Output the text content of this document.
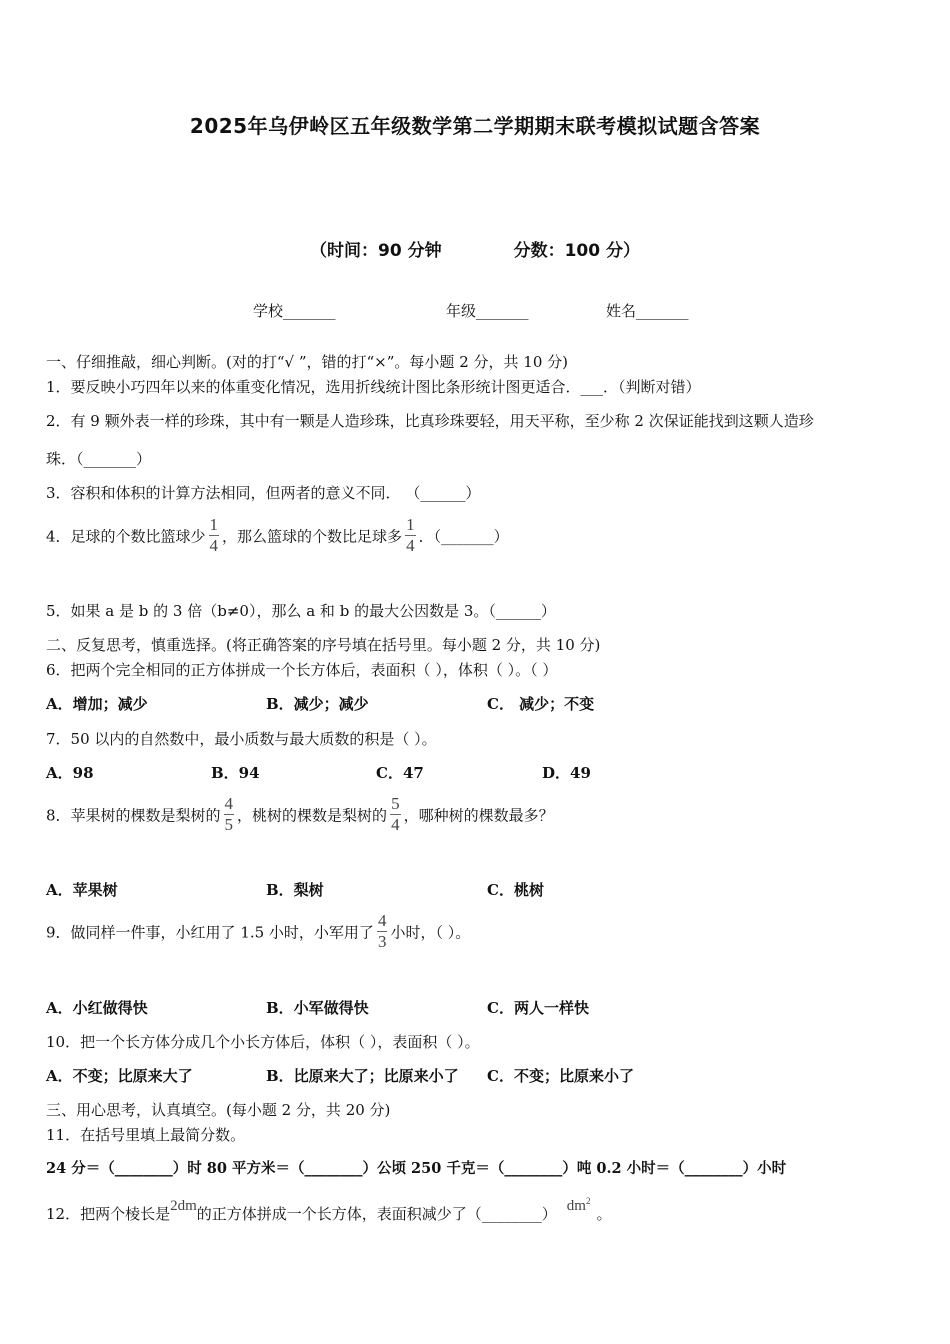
2025年乌伊岭区五年级数学第二学期期末联考模拟试题含答案
（时间：90 分钟	分数：100 分）
学校_______	年级_______	姓名_______
一、仔细推敲，细心判断。(对的打“√ ”，错的打“×”。每小题 2 分，共 10 分)
1．要反映小巧四年以来的体重变化情况，选用折线统计图比条形统计图更适合．___．（判断对错）
2．有 9 颗外表一样的珍珠，其中有一颗是人造珍珠，比真珍珠要轻，用天平称，至少称 2 次保证能找到这颗人造珍
珠．（_______）
3．容积和体积的计算方法相同，但两者的意义不同． （______）
4．足球的个数比篮球少 $\frac{1}{4}$ ，那么篮球的个数比足球多 $\frac{1}{4}$ ．（_______）
5．如果 a 是 b 的 3 倍（b≠0），那么 a 和 b 的最大公因数是 3。（______）
二、反复思考，慎重选择。(将正确答案的序号填在括号里。每小题 2 分，共 10 分)
6．把两个完全相同的正方体拼成一个长方体后，表面积（ ），体积（ ）。（ ）
A．增加；减少	B．减少；减少	C． 减少；不变
7．50 以内的自然数中，最小质数与最大质数的积是（ ）。
A．98	B．94	C．47	D．49
8．苹果树的棵数是梨树的 $\frac{4}{5}$ ，桃树的棵数是梨树的 $\frac{5}{4}$ ，哪种树的棵数最多？
A．苹果树	B．梨树	C．桃树
9．做同样一件事，小红用了 1.5 小时，小军用了 $\frac{4}{3}$ 小时，（ ）。
A．小红做得快	B．小军做得快	C．两人一样快
10．把一个长方体分成几个小长方体后，体积（ ），表面积（ ）。
A．不变；比原来大了	B．比原来大了；比原来小了 C．不变；比原来小了
三、用心思考，认真填空。(每小题 2 分，共 20 分)
11．在括号里填上最简分数。
24 分＝（________）时 80 平方米＝（________）公顷 250 千克＝（________）吨 0.2 小时＝（________）小时
12．把两个棱长是2dm的正方体拼成一个长方体，表面积减少了（________） $dm^2$。
